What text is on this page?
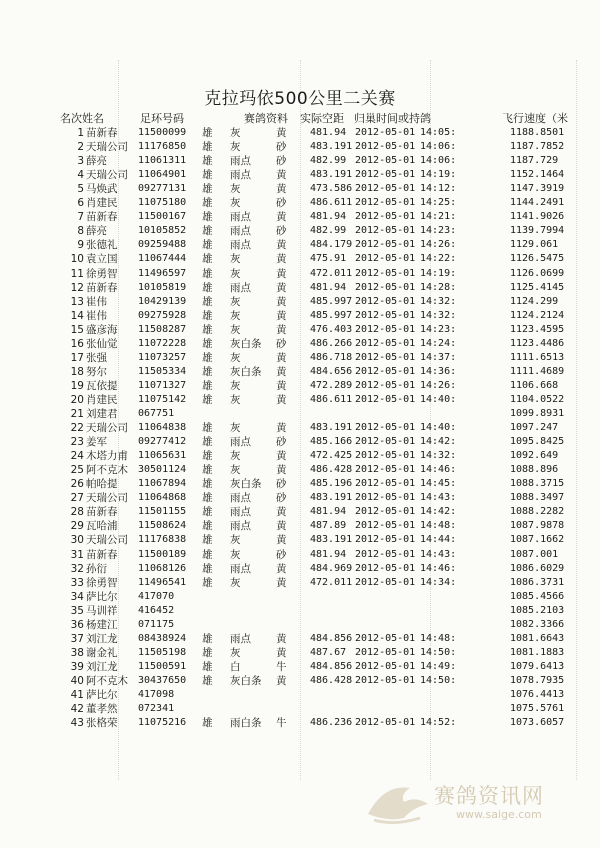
克拉玛依500公里二关赛
名次姓名	足环号码	赛鸽资料 实际空距 归巢时间或持鸽	飞行速度（米
1 苗新春 11500099 雄 灰	黄 481.94 2012-05-01 14:05:	1188.8501
2 天瑞公司 11176850 雄 灰	砂 483.191 2012-05-01 14:06:	1187.7852
3 薛亮	11061311 雄 雨点 砂 482.99 2012-05-01 14:06:	1187.729
4 天瑞公司 11064901 雄 雨点 黄 483.191 2012-05-01 14:19:	1152.1464
5 马焕武 09277131 雄 灰	黄 473.586 2012-05-01 14:12:	1147.3919
6 肖建民 11075180 雄 灰	砂 486.611 2012-05-01 14:25:	1144.2491
7 苗新春 11500167 雄 雨点 黄 481.94 2012-05-01 14:21:	1141.9026
8 薛亮	10105852 雄 雨点 砂 482.99 2012-05-01 14:23:	1139.7994
9 张德礼 09259488 雄 雨点 黄 484.179 2012-05-01 14:26:	1129.061
10 袁立国 11067444 雄 灰	黄 475.91 2012-05-01 14:22:	1126.5475
11 徐勇智 11496597 雄 灰	黄 472.011 2012-05-01 14:19:	1126.0699
12 苗新春 10105819 雄 雨点 黄 481.94 2012-05-01 14:28:	1125.4145
13 崔伟	10429139 雄 灰	黄 485.997 2012-05-01 14:32:	1124.299
14 崔伟	09275928 雄 灰	黄 485.997 2012-05-01 14:32:	1124.2124
15 盛彦海 11508287 雄 灰	黄 476.403 2012-05-01 14:23:	1123.4595
16 张仙觉 11072228 雄 灰白条 砂 486.266 2012-05-01 14:24:	1123.4486
17 张强	11073257 雄 灰	黄 486.718 2012-05-01 14:37:	1111.6513
18 努尔	11505334 雄 灰白条 黄 484.656 2012-05-01 14:36:	1111.4689
19 瓦依提 11071327 雄 灰	黄 472.289 2012-05-01 14:26:	1106.668
20 肖建民 11075142 雄 灰	黄 486.611 2012-05-01 14:40:	1104.0522
21 刘建君 067751	1099.8931
22 天瑞公司 11064838 雄 灰	黄 483.191 2012-05-01 14:40:	1097.247
23 姜军	09277412 雄 雨点 砂 485.166 2012-05-01 14:42:	1095.8425
24 木塔力甫 11065631 雄 灰	黄 472.425 2012-05-01 14:32:	1092.649
25 阿不克木 30501124 雄 灰	黄 486.428 2012-05-01 14:46:	1088.896
26 帕哈提 11067894 雄 灰白条 砂 485.196 2012-05-01 14:45:	1088.3715
27 天瑞公司 11064868 雄 雨点 砂 483.191 2012-05-01 14:43:	1088.3497
28 苗新春 11501155 雄 雨点 黄 481.94 2012-05-01 14:42:	1088.2282
29 瓦哈浦 11508624 雄 雨点 黄 487.89 2012-05-01 14:48:	1087.9878
30 天瑞公司 11176838 雄 灰	黄 483.191 2012-05-01 14:44:	1087.1662
31 苗新春 11500189 雄 灰	砂 481.94 2012-05-01 14:43:	1087.001
32 孙衍	11068126 雄 雨点 黄 484.969 2012-05-01 14:46:	1086.6029
33 徐勇智 11496541 雄 灰	黄 472.011 2012-05-01 14:34:	1086.3731
34 萨比尔 417070	1085.4566
35 马训祥 416452	1085.2103
36 杨建江 071175	1082.3366
37 刘江龙 08438924 雄 雨点 黄 484.856 2012-05-01 14:48:	1081.6643
38 谢金礼 11505198 雄 灰	黄 487.67 2012-05-01 14:50:	1081.1883
39 刘江龙 11500591 雄 白	牛 484.856 2012-05-01 14:49:	1079.6413
40 阿不克木 30437650 雄 灰白条 黄 486.428 2012-05-01 14:50:	1078.7935
41 萨比尔 417098	1076.4413
42 董孝然 072341	1075.5761
43 张格荣 11075216 雄 雨白条 牛 486.236 2012-05-01 14:52:	1073.6057
赛鸽资讯网
www.saige.com
